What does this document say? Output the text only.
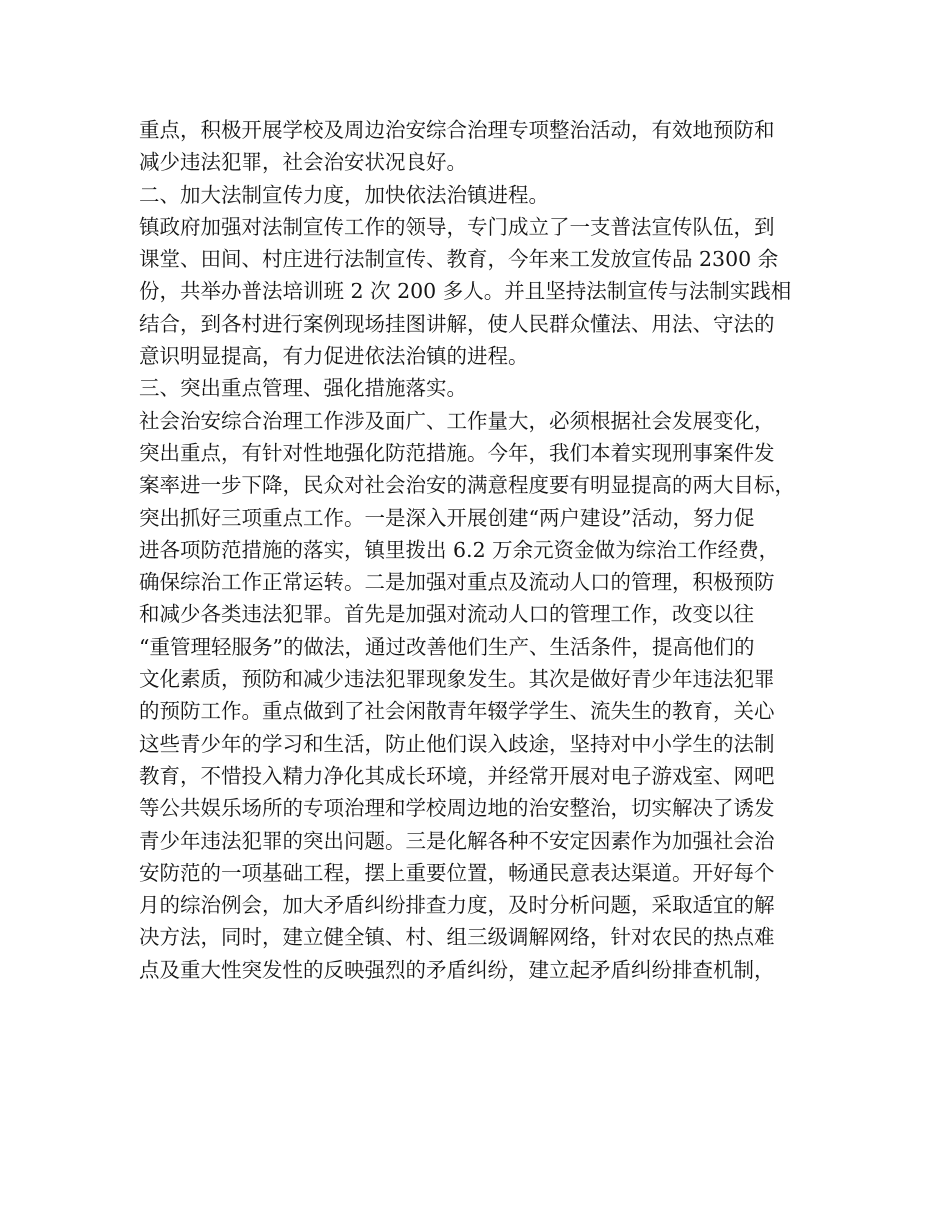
重点，积极开展学校及周边治安综合治理专项整治活动，有效地预防和
减少违法犯罪，社会治安状况良好。
二、加大法制宣传力度，加快依法治镇进程。
镇政府加强对法制宣传工作的领导，专门成立了一支普法宣传队伍，到
课堂、田间、村庄进行法制宣传、教育，今年来工发放宣传品 2300 余
份，共举办普法培训班 2 次 200 多人。并且坚持法制宣传与法制实践相
结合，到各村进行案例现场挂图讲解，使人民群众懂法、用法、守法的
意识明显提高，有力促进依法治镇的进程。
三、突出重点管理、强化措施落实。
社会治安综合治理工作涉及面广、工作量大，必须根据社会发展变化，
突出重点，有针对性地强化防范措施。今年，我们本着实现刑事案件发
案率进一步下降，民众对社会治安的满意程度要有明显提高的两大目标，
突出抓好三项重点工作。一是深入开展创建“两户建设”活动，努力促
进各项防范措施的落实，镇里拨出 6.2 万余元资金做为综治工作经费，
确保综治工作正常运转。二是加强对重点及流动人口的管理，积极预防
和减少各类违法犯罪。首先是加强对流动人口的管理工作，改变以往
“重管理轻服务”的做法，通过改善他们生产、生活条件，提高他们的
文化素质，预防和减少违法犯罪现象发生。其次是做好青少年违法犯罪
的预防工作。重点做到了社会闲散青年辍学学生、流失生的教育，关心
这些青少年的学习和生活，防止他们误入歧途，坚持对中小学生的法制
教育，不惜投入精力净化其成长环境，并经常开展对电子游戏室、网吧
等公共娱乐场所的专项治理和学校周边地的治安整治，切实解决了诱发
青少年违法犯罪的突出问题。三是化解各种不安定因素作为加强社会治
安防范的一项基础工程，摆上重要位置，畅通民意表达渠道。开好每个
月的综治例会，加大矛盾纠纷排查力度，及时分析问题，采取适宜的解
决方法，同时，建立健全镇、村、组三级调解网络，针对农民的热点难
点及重大性突发性的反映强烈的矛盾纠纷，建立起矛盾纠纷排查机制，
